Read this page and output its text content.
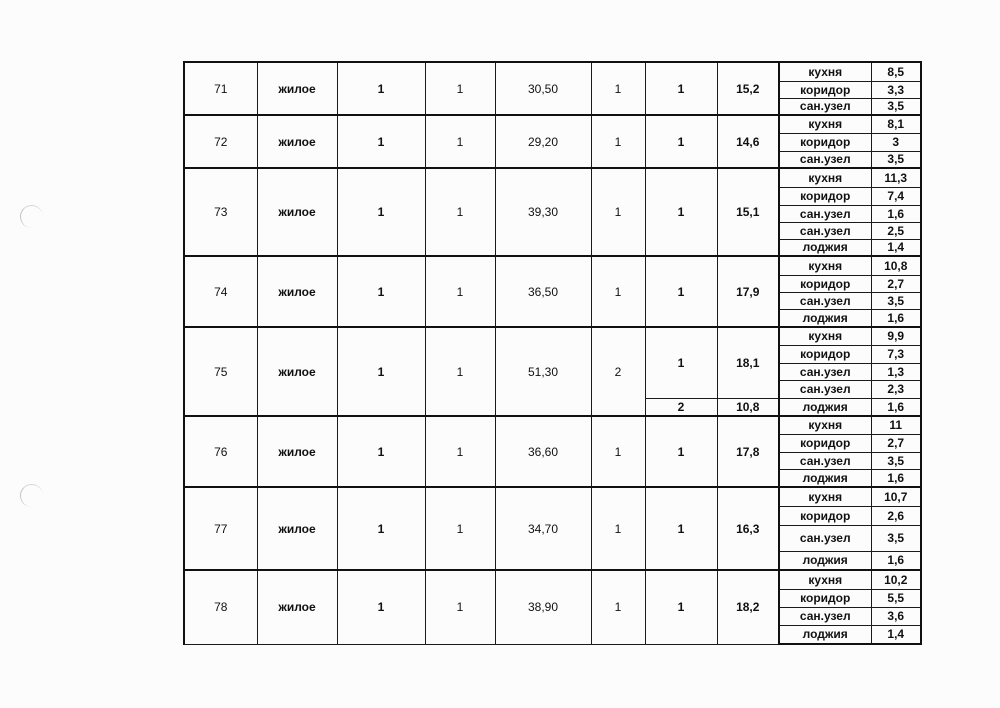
71	жилое	1	1	30,50	1	1	15,2	кухня	8,5
								коридор	3,3
								сан.узел	3,5
72	жилое	1	1	29,20	1	1	14,6	кухня	8,1
								коридор	3
								сан.узел	3,5
73	жилое	1	1	39,30	1	1	15,1	кухня	11,3
								коридор	7,4
								сан.узел	1,6
								сан.узел	2,5
								лоджия	1,4
74	жилое	1	1	36,50	1	1	17,9	кухня	10,8
								коридор	2,7
								сан.узел	3,5
								лоджия	1,6
75	жилое	1	1	51,30	2	1	18,1	кухня	9,9
								коридор	7,3
								сан.узел	1,3
								сан.узел	2,3
						2	10,8	лоджия	1,6
76	жилое	1	1	36,60	1	1	17,8	кухня	11
								коридор	2,7
								сан.узел	3,5
								лоджия	1,6
77	жилое	1	1	34,70	1	1	16,3	кухня	10,7
								коридор	2,6
								сан.узел	3,5
								лоджия	1,6
78	жилое	1	1	38,90	1	1	18,2	кухня	10,2
								коридор	5,5
								сан.узел	3,6
								лоджия	1,4
